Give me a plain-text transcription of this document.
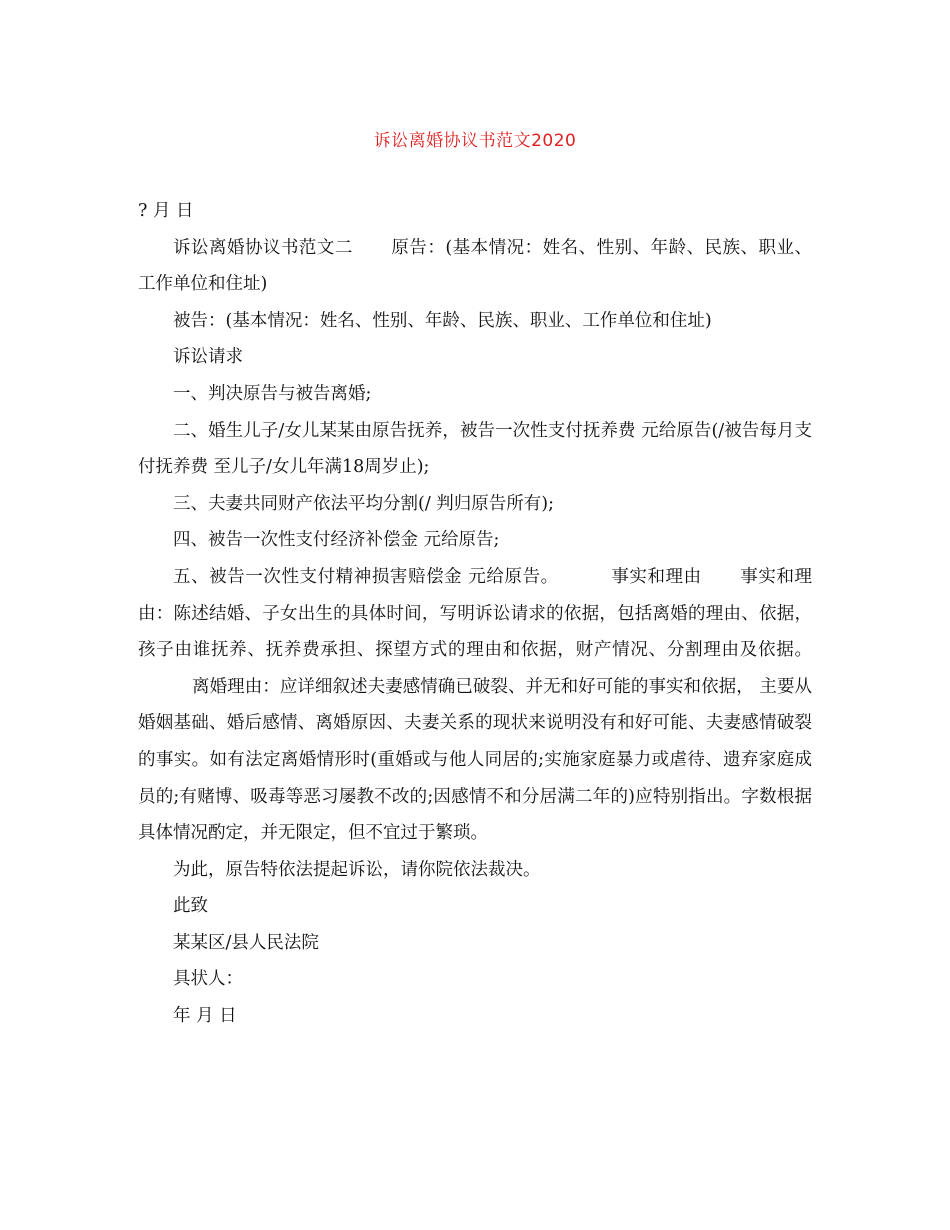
诉讼离婚协议书范文2020

? 月 日

诉讼离婚协议书范文二 原告：(基本情况：姓名、性别、年龄、民族、职业、工作单位和住址)

被告：(基本情况：姓名、性别、年龄、民族、职业、工作单位和住址)

诉讼请求

一、判决原告与被告离婚;

二、婚生儿子/女儿某某由原告抚养，被告一次性支付抚养费 元给原告(/被告每月支付抚养费 至儿子/女儿年满18周岁止);

三、夫妻共同财产依法平均分割(/ 判归原告所有);

四、被告一次性支付经济补偿金 元给原告;

五、被告一次性支付精神损害赔偿金 元给原告。	事实和理由 事实和理由：陈述结婚、子女出生的具体时间，写明诉讼请求的依据，包括离婚的理由、依据，孩子由谁抚养、抚养费承担、探望方式的理由和依据，财产情况、分割理由及依据。离婚理由：应详细叙述夫妻感情确已破裂、并无和好可能的事实和依据， 主要从婚姻基础、婚后感情、离婚原因、夫妻关系的现状来说明没有和好可能、夫妻感情破裂的事实。如有法定离婚情形时(重婚或与他人同居的;实施家庭暴力或虐待、遗弃家庭成员的;有赌博、吸毒等恶习屡教不改的;因感情不和分居满二年的)应特别指出。字数根据具体情况酌定，并无限定，但不宜过于繁琐。

为此，原告特依法提起诉讼，请你院依法裁决。

此致

某某区/县人民法院

具状人：

年 月 日
